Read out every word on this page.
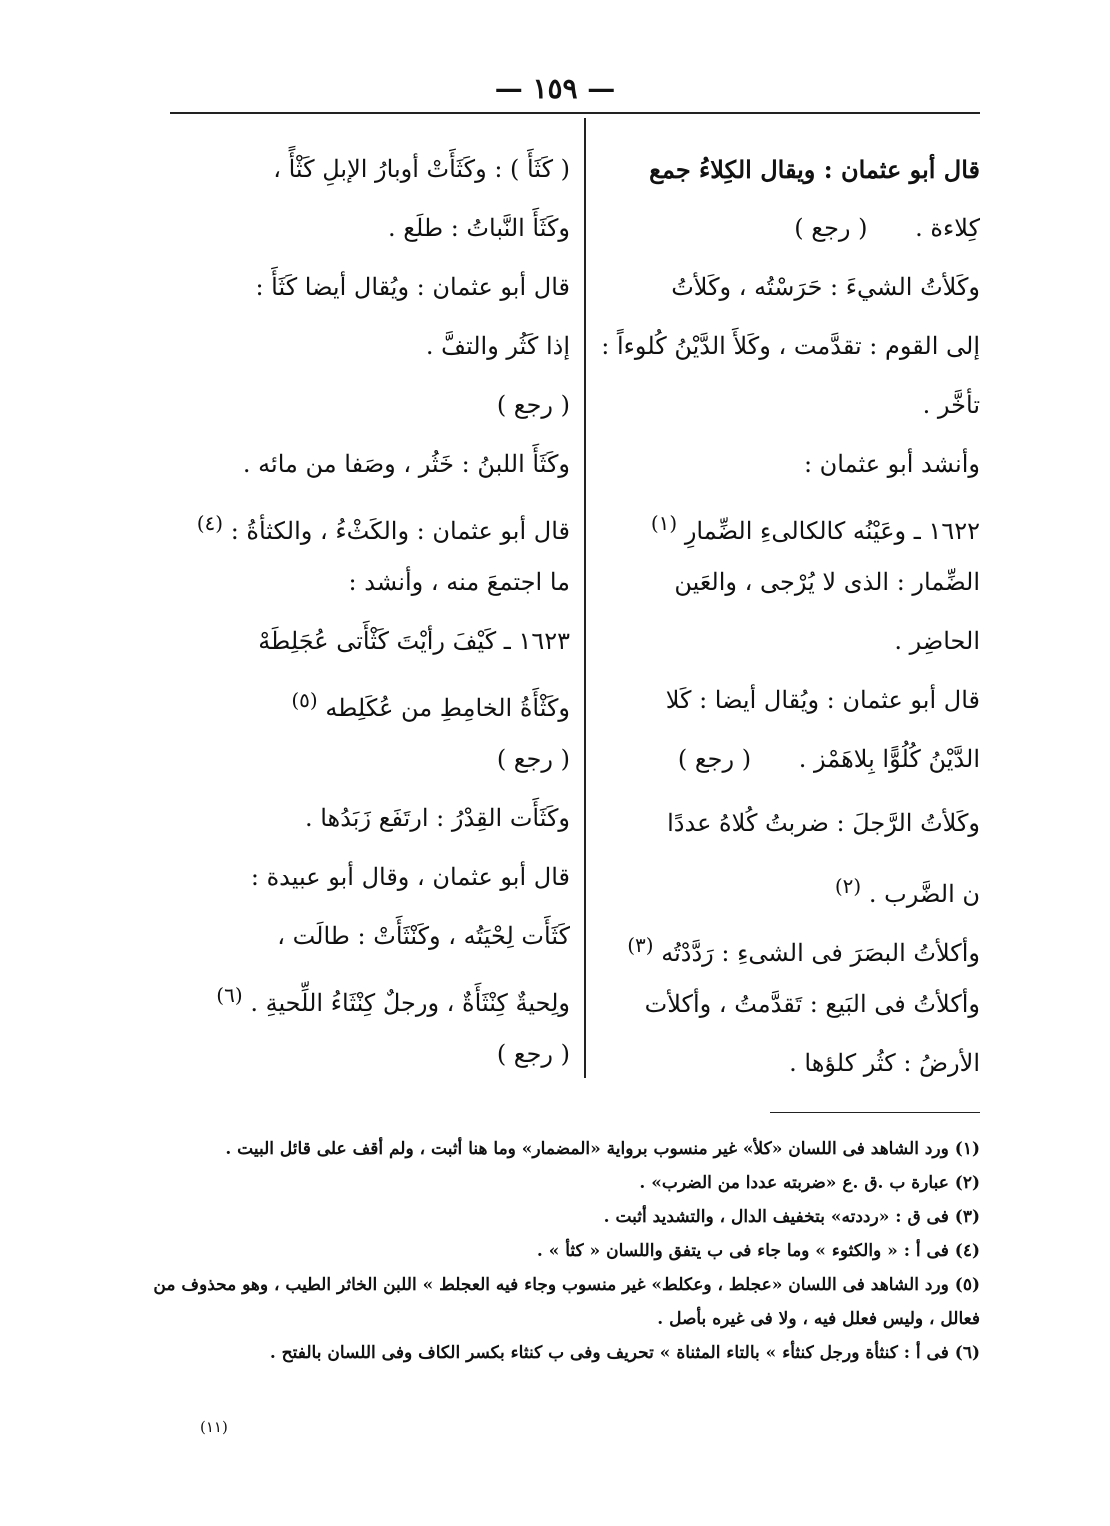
— ١٥٩ —

قال أبو عثمان : ويقال الكِلاءُ جمع

كِلاءة . ( رجع )

وكَلأتُ الشيءَ : حَرَسْتُه ، وكَلأتُ

إلى القوم : تقدَّمت ، وكَلأَ الدَّيْنُ كُلوءاً :

تأخَّر .

وأنشد أبو عثمان :

١٦٢٢ ـ وعَيْنُه كالكالىءِ الضِّمارِ $^{(١)}$

الضِّمار : الذى لا يُرْجى ، والعَين

الحاضِر .

قال أبو عثمان : ويُقال أيضا : كَلا

الدَّيْنُ كُلُوًّا بِلاهَمْز . ( رجع )

وكَلأتُ الرَّجلَ : ضربتُ كُلاهُ عددًا

ن الضَّرب . $^{(٢)}$

وأكلأتُ البصَرَ فى الشىءِ : رَدَّدْتُه $^{(٣)}$

وأكلأتُ فى البَيع : تَقدَّمتُ ، وأكلأت

الأرضُ : كثُر كلؤها .

( كَثَأَ ) : وكَثَأَتْ أوبارُ الإبلِ كَثْأً ،

وكَثَأَ النَّباتُ : طلَع .

قال أبو عثمان : ويُقال أيضا كَثَأَ :

إذا كَثُر والتفَّ .

( رجع )

وكَثَأَ اللبنُ : خَثُر ، وصَفا من مائه .

قال أبو عثمان : والكَثْءُ ، والكثأةُ : $^{(٤)}$

ما اجتمعَ منه ، وأنشد :

١٦٢٣ ـ كَيْفَ رأيْتَ كَثْأَتى عُجَلِطَهْ

وكَثْأَةُ الخامِطِ من عُكَلِطه $^{(٥)}$

( رجع )

وكَثَأَت القِدْرُ : ارتَفَع زَبَدُها .

قال أبو عثمان ، وقال أبو عبيدة :

كَثَأَت لِحْيَتُه ، وكَنْثَأَتْ : طالَت ،

ولِحيةٌ كِنْثَأَةٌ ، ورجلٌ كِنْثَاءُ اللِّحيةِ . $^{(٦)}$

( رجع )

(١) ورد الشاهد فى اللسان «كلأ» غير منسوب برواية «المضمار» وما هنا أثبت ، ولم أقف على قائل البيت .

(٢) عبارة ب .ق .ع «ضربته عددا من الضرب» .

(٣) فى ق : «رددته» بتخفيف الدال ، والتشديد أثبت .

(٤) فى أ : « والكثوء » وما جاء فى ب يتفق واللسان « كثأ » .

(٥) ورد الشاهد فى اللسان «عجلط ، وعكلط» غير منسوب وجاء فيه العجلط » اللبن الخاثر الطيب ، وهو محذوف من فعالل ، وليس فعلل فيه ، ولا فى غيره بأصل .

(٦) فى أ : كنثأة ورجل كنثأء » بالتاء المثناة » تحريف وفى ب كنثاء بكسر الكاف وفى اللسان بالفتح .

(١١)
